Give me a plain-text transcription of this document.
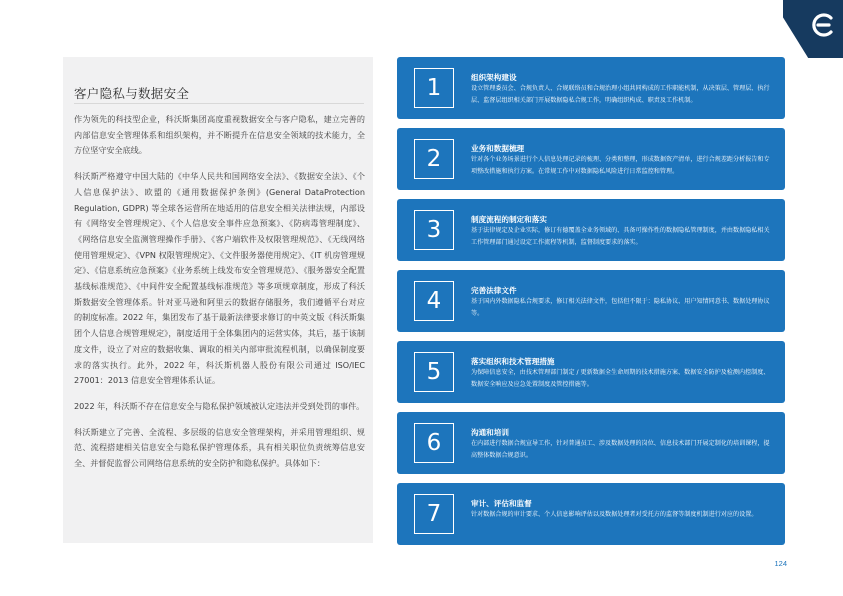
客户隐私与数据安全

作为领先的科技型企业，科沃斯集团高度重视数据安全与客户隐私，建立完善的内部信息安全管理体系和组织架构，并不断提升在信息安全领域的技术能力，全方位坚守安全底线。

科沃斯严格遵守中国大陆的《中华人民共和国网络安全法》、《数据安全法》、《个人信息保护法》、欧盟的《通用数据保护条例》(General DataProtection Regulation, GDPR) 等全球各运营所在地适用的信息安全相关法律法规，内部设有《网络安全管理规定》、《个人信息安全事件应急预案》、《防病毒管理制度》、《网络信息安全监测管理操作手册》、《客户端软件及权限管理规范》、《无线网络使用管理规定》、《VPN 权限管理规定》、《文件服务器使用规定》、《IT 机房管理规定》、《信息系统应急预案》《业务系统上线发布安全管理规范》、《服务器安全配置基线标准规范》、《中间件安全配置基线标准规范》等多项规章制度，形成了科沃斯数据安全管理体系。针对亚马逊和阿里云的数据存储服务，我们遵循平台对应的制度标准。2022 年，集团发布了基于最新法律要求修订的中英文版《科沃斯集团个人信息合规管理规定》，制度适用于全体集团内的运营实体，其后，基于该制度文件，设立了对应的数据收集、调取的相关内部审批流程机制，以确保制度要求的落实执行。此外，2022 年，科沃斯机器人股份有限公司通过 ISO/IEC 27001：2013 信息安全管理体系认证。

2022 年，科沃斯不存在信息安全与隐私保护领域被认定违法并受到处罚的事件。

科沃斯建立了完善、全流程、多层级的信息安全管理架构，并采用管理组织、规范、流程搭建相关信息安全与隐私保护管理体系，具有相关职位负责统筹信息安全、并督促监督公司网络信息系统的安全防护和隐私保护。具体如下：

1	组织架构建设
设立管理委员会、合规负责人、合规联络员和合规治理小组共同构成的工作职能机制，从决策层、管理层、执行层、监督层组织相关部门开展数据隐私合规工作，明确组织构成、职责及工作机制。
2	业务和数据梳理
针对各个业务场景进行个人信息处理记录的梳理、分类和整理，形成数据资产清单，进行合规差距分析报告和专项整改措施和执行方案。在常规工作中对数据隐私风险进行日常监控和管理。
3	制度流程的制定和落实
基于法律规定及企业实际，修订有德覆盖全业务领域的、具备可操作性的数据隐私管理制度，并由数据隐私相关工作管理部门通过设定工作流程等机制，监督制度要求的落实。
4	完善法律文件
基于国内外数据隐私合规要求，修订相关法律文件，包括但不限于：隐私协议、用户知情同意书、数据处理协议等。
5	落实组织和技术管理措施
为保障信息安全，由技术管理部门制定 / 更新数据全生命周期的技术措施方案、数据安全防护及检测内控制度、数据安全响应及应急处置制度及管控措施等。
6	沟通和培训
在内部进行数据合规宣导工作，针对普通员工、涉及数据处理的岗位、信息技术部门开展定制化的培训课程，提高整体数据合规意识。
7	审计、评估和监督
针对数据合规的审计要求、个人信息影响评估以及数据处理者对受托方的监督等制度机制进行对应的设置。
124
